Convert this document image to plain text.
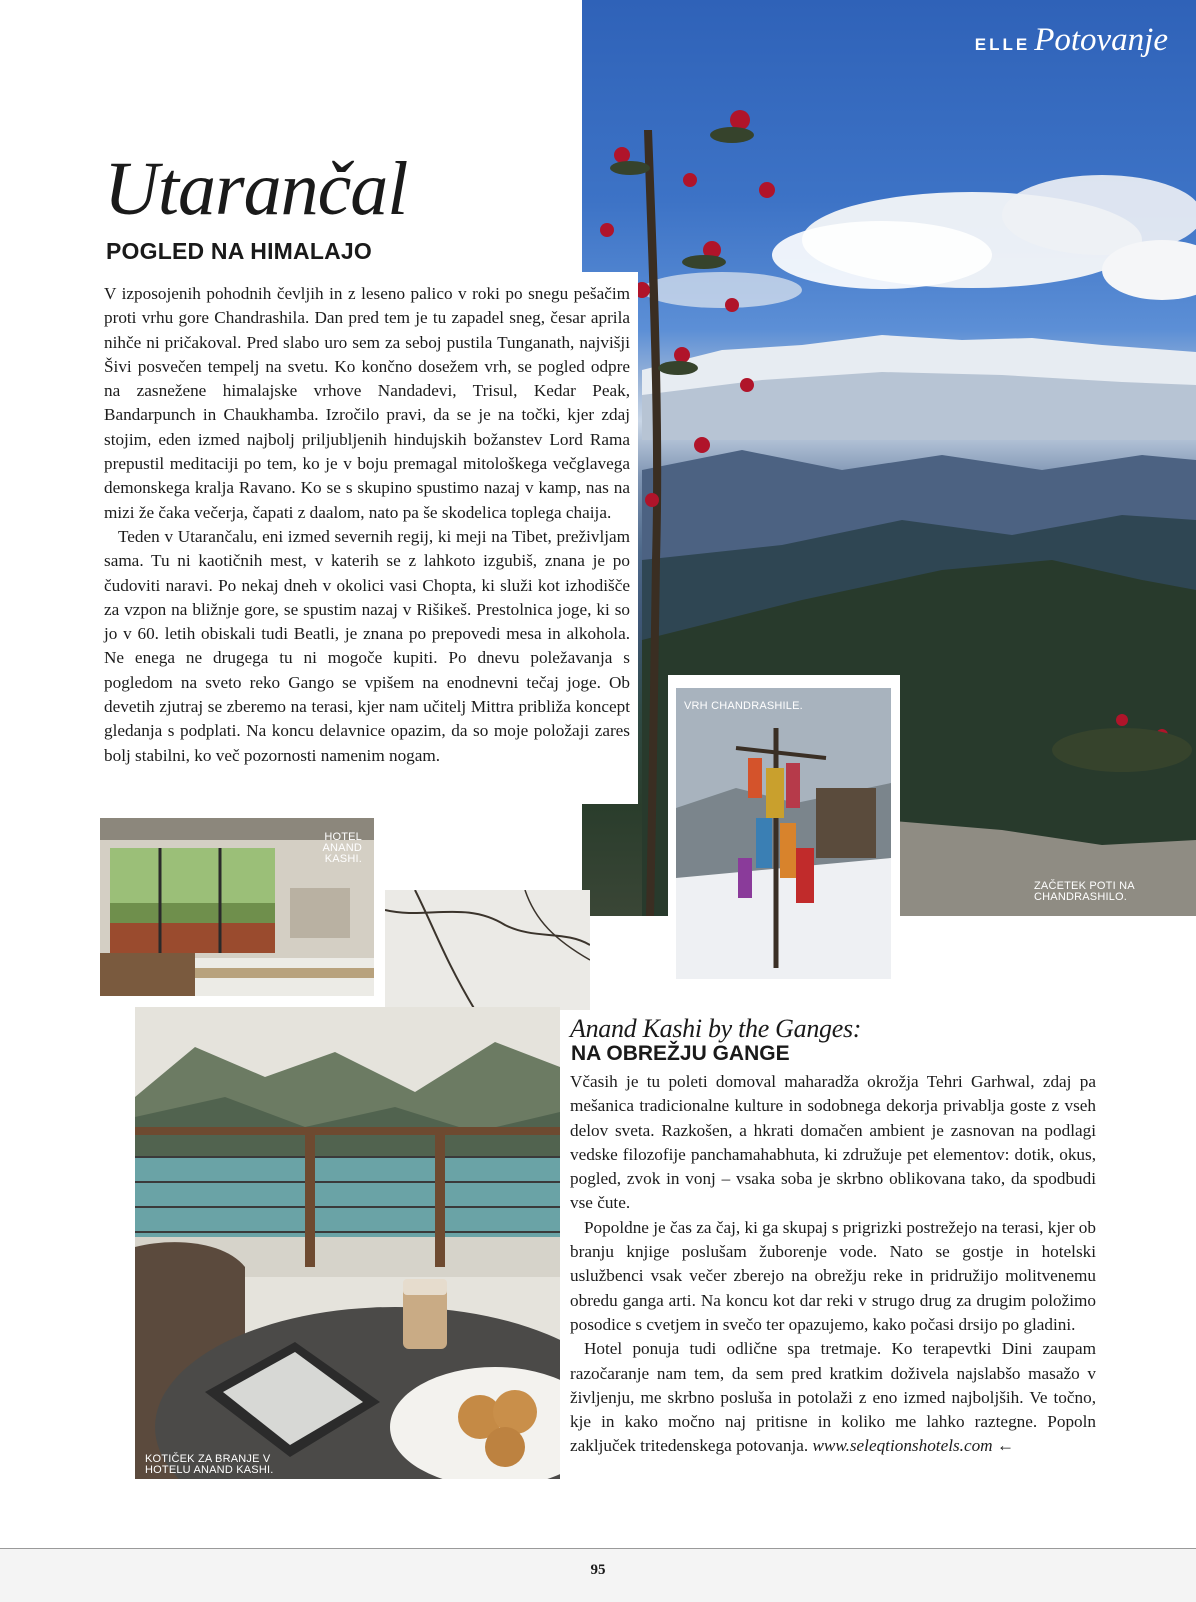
ELLE Potovanje
Utarančal
POGLED NA HIMALAJO

V izposojenih pohodnih čevljih in z leseno palico v roki po snegu pešačim proti vrhu gore Chandrashila. Dan pred tem je tu zapadel sneg, česar aprila nihče ni pričakoval. Pred slabo uro sem za seboj pustila Tunganath, najvišji Šivi posvečen tempelj na svetu. Ko končno dosežem vrh, se pogled odpre na zasnežene himalajske vrhove Nandadevi, Trisul, Kedar Peak, Bandarpunch in Chaukhamba. Izročilo pravi, da se je na točki, kjer zdaj stojim, eden izmed najbolj priljubljenih hindujskih božanstev Lord Rama prepustil meditaciji po tem, ko je v boju premagal mitološkega večglavega demonskega kralja Ravano. Ko se s skupino spustimo nazaj v kamp, nas na mizi že čaka večerja, čapati z daalom, nato pa še skodelica toplega chaija.

Teden v Utarančalu, eni izmed severnih regij, ki meji na Tibet, preživljam sama. Tu ni kaotičnih mest, v katerih se z lahkoto izgubiš, znana je po čudoviti naravi. Po nekaj dneh v okolici vasi Chopta, ki služi kot izhodišče za vzpon na bližnje gore, se spustim nazaj v Rišikeš. Prestolnica joge, ki so jo v 60. letih obiskali tudi Beatli, je znana po prepovedi mesa in alkohola. Ne enega ne drugega tu ni mogoče kupiti. Po dnevu poležavanja s pogledom na sveto reko Gango se vpišem na enodnevni tečaj joge. Ob devetih zjutraj se zberemo na terasi, kjer nam učitelj Mittra približa koncept gledanja s podplati. Na koncu delavnice opazim, da so moje položaji zares bolj stabilni, ko več pozornosti namenim nogam.

HOTEL ANAND KASHI.
VRH CHANDRASHILE.
ZAČETEK POTI NA CHANDRASHILO.
KOTIČEK ZA BRANJE V HOTELU ANAND KASHI.
Anand Kashi by the Ganges:
NA OBREŽJU GANGE

Včasih je tu poleti domoval maharadža okrožja Tehri Garhwal, zdaj pa mešanica tradicionalne kulture in sodobnega dekorja privablja goste z vseh delov sveta. Razkošen, a hkrati domačen ambient je zasnovan na podlagi vedske filozofije panchamahabhuta, ki združuje pet elementov: dotik, okus, pogled, zvok in vonj – vsaka soba je skrbno oblikovana tako, da spodbudi vse čute.

Popoldne je čas za čaj, ki ga skupaj s prigrizki postrežejo na terasi, kjer ob branju knjige poslušam žuborenje vode. Nato se gostje in hotelski uslužbenci vsak večer zberejo na obrežju reke in pridružijo molitvenemu obredu ganga arti. Na koncu kot dar reki v strugo drug za drugim položimo posodice s cvetjem in svečo ter opazujemo, kako počasi drsijo po gladini.

Hotel ponuja tudi odlične spa tretmaje. Ko terapevtki Dini zaupam razočaranje nam tem, da sem pred kratkim doživela najslabšo masažo v življenju, me skrbno posluša in potolaži z eno izmed najboljših. Ve točno, kje in kako močno naj pritisne in koliko me lahko raztegne. Popoln zaključek tritedenskega potovanja. www.seleqtionshotels.com ←

95
